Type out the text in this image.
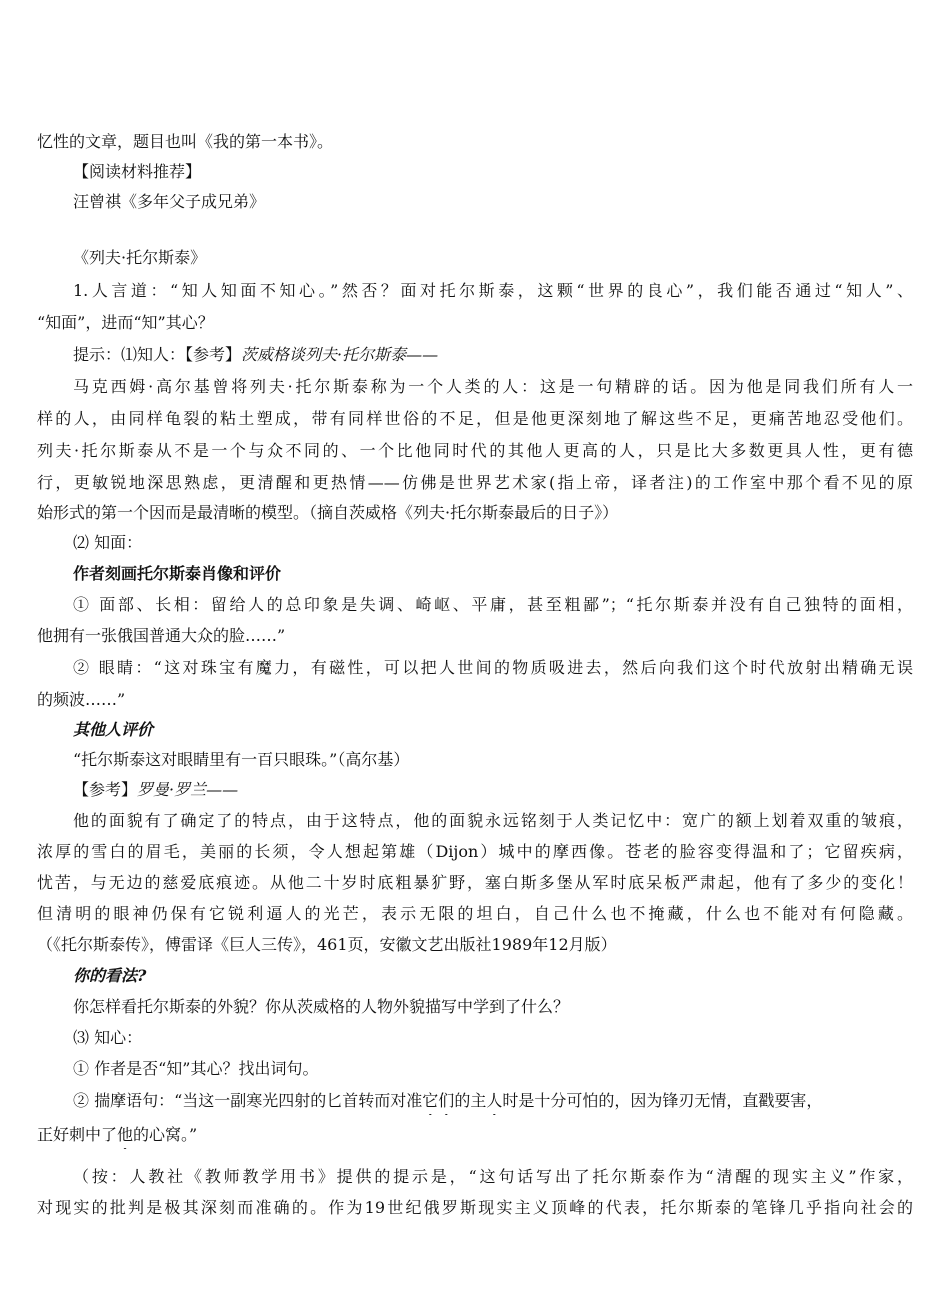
忆性的文章，题目也叫《我的第一本书》。
【阅读材料推荐】
汪曾祺《多年父子成兄弟》
《列夫·托尔斯泰》
1.人言道：“知人知面不知心。”然否？面对托尔斯泰，这颗“世界的良心”，我们能否通过“知人”、
“知面”，进而“知”其心？
提示：⑴知人：【参考】茨威格谈列夫·托尔斯泰——
马克西姆·高尔基曾将列夫·托尔斯泰称为一个人类的人：这是一句精辟的话。因为他是同我们所有人一
样的人，由同样龟裂的粘土塑成，带有同样世俗的不足，但是他更深刻地了解这些不足，更痛苦地忍受他们。
列夫·托尔斯泰从不是一个与众不同的、一个比他同时代的其他人更高的人，只是比大多数更具人性，更有德
行，更敏锐地深思熟虑，更清醒和更热情——仿佛是世界艺术家(指上帝，译者注)的工作室中那个看不见的原
始形式的第一个因而是最清晰的模型。（摘自茨威格《列夫·托尔斯泰最后的日子》）
⑵ 知面：
作者刻画托尔斯泰肖像和评价
① 面部、长相：留给人的总印象是失调、崎岖、平庸，甚至粗鄙”；“托尔斯泰并没有自己独特的面相，
他拥有一张俄国普通大众的脸……”
② 眼睛：“这对珠宝有魔力，有磁性，可以把人世间的物质吸进去，然后向我们这个时代放射出精确无误
的频波……”
其他人评价
“托尔斯泰这对眼睛里有一百只眼珠。”（高尔基）
【参考】罗曼·罗兰——
他的面貌有了确定了的特点，由于这特点，他的面貌永远铭刻于人类记忆中：宽广的额上划着双重的皱痕，
浓厚的雪白的眉毛，美丽的长须，令人想起第雄（Dijon）城中的摩西像。苍老的脸容变得温和了；它留疾病，
忧苦，与无边的慈爱底痕迹。从他二十岁时底粗暴犷野，塞白斯多堡从军时底呆板严肃起，他有了多少的变化！
但清明的眼神仍保有它锐利逼人的光芒，表示无限的坦白，自己什么也不掩藏，什么也不能对有何隐藏。
（《托尔斯泰传》，傅雷译《巨人三传》，461页，安徽文艺出版社1989年12月版）
你的看法?
你怎样看托尔斯泰的外貌？你从茨威格的人物外貌描写中学到了什么？
⑶ 知心：
① 作者是否“知”其心？找出词句。
② 揣摩语句：“当这一副寒光四射的匕首转而对准它们的主人时是十分可怕的，因为锋刃无情，直戳要害，
正好刺中了他的心窝。”
（按：人教社《教师教学用书》提供的提示是，“这句话写出了托尔斯泰作为“清醒的现实主义”作家，
对现实的批判是极其深刻而准确的。作为19世纪俄罗斯现实主义顶峰的代表，托尔斯泰的笔锋几乎指向社会的
